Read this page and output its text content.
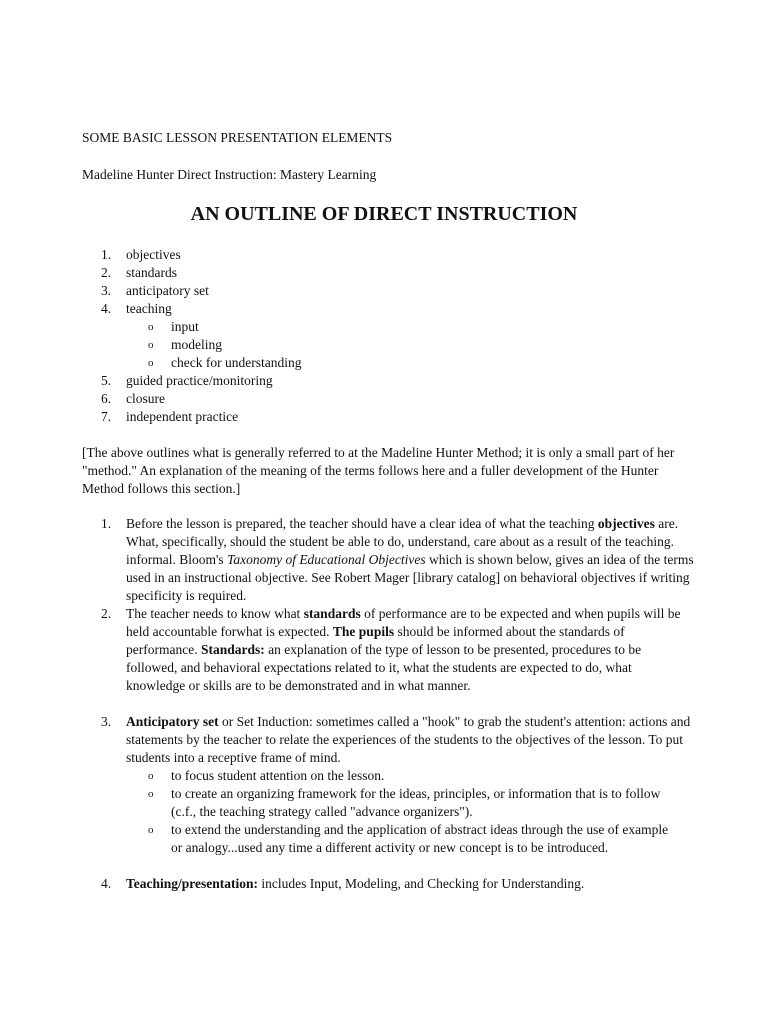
SOME BASIC LESSON PRESENTATION ELEMENTS

Madeline Hunter Direct Instruction: Mastery Learning

AN OUTLINE OF DIRECT INSTRUCTION
1.	objectives
2.	standards
3.	anticipatory set
4.	teaching
o input
o modeling
o check for understanding
5.	guided practice/monitoring
6.	closure
7.	independent practice

[The above outlines what is generally referred to at the Madeline Hunter Method; it is only a small part of her "method." An explanation of the meaning of the terms follows here and a fuller development of the Hunter Method follows this section.]

1. Before the lesson is prepared, the teacher should have a clear idea of what the teaching objectives are. What, specifically, should the student be able to do, understand, care about as a result of the teaching. informal. Bloom's Taxonomy of Educational Objectives which is shown below, gives an idea of the terms used in an instructional objective. See Robert Mager [library catalog] on behavioral objectives if writing specificity is required.
2. The teacher needs to know what standards of performance are to be expected and when pupils will be held accountable forwhat is expected. The pupils should be informed about the standards of performance. Standards: an explanation of the type of lesson to be presented, procedures to be followed, and behavioral expectations related to it, what the students are expected to do, what knowledge or skills are to be demonstrated and in what manner.
3. Anticipatory set or Set Induction: sometimes called a "hook" to grab the student's attention: actions and statements by the teacher to relate the experiences of the students to the objectives of the lesson. To put students into a receptive frame of mind.
o to focus student attention on the lesson.
o to create an organizing framework for the ideas, principles, or information that is to follow (c.f., the teaching strategy called "advance organizers").
o to extend the understanding and the application of abstract ideas through the use of example or analogy...used any time a different activity or new concept is to be introduced.
4. Teaching/presentation: includes Input, Modeling, and Checking for Understanding.
